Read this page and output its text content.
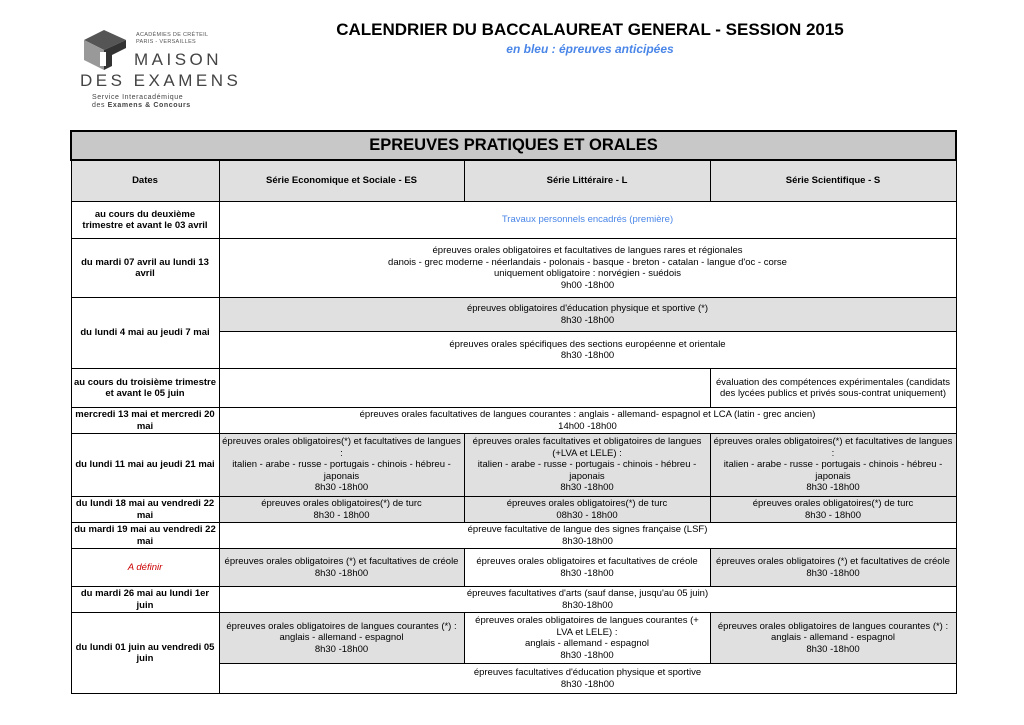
ACADÉMIES DE CRÉTEIL
PARIS - VERSAILLES
MAISON
DES EXAMENS
Service Interacadémique
des Examens & Concours
CALENDRIER DU BACCALAUREAT GENERAL - SESSION 2015
en bleu : épreuves anticipées
EPREUVES PRATIQUES ET ORALES			
Dates	Série Economique et Sociale - ES	Série Littéraire - L	Série Scientifique - S
au cours du deuxième trimestre et avant le 03 avril	Travaux personnels encadrés (première)		
du mardi 07 avril au lundi 13 avril	épreuves orales obligatoires et facultatives de langues rares et régionales
danois - grec moderne - néerlandais - polonais - basque - breton - catalan - langue d'oc - corse
uniquement obligatoire : norvégien - suédois
9h00 -18h00		
du lundi 4 mai au jeudi 7 mai	épreuves obligatoires d'éducation physique et sportive (*)
8h30 -18h00		
	épreuves orales spécifiques des sections européenne et orientale
8h30 -18h00		
au cours du troisième trimestre et avant le 05 juin			évaluation des compétences expérimentales (candidats des lycées publics et privés sous-contrat uniquement)
mercredi 13 mai et mercredi 20 mai	épreuves orales facultatives de langues courantes : anglais - allemand- espagnol et LCA (latin - grec ancien)
14h00 -18h00		
du lundi 11 mai au jeudi 21 mai	épreuves orales obligatoires(*) et facultatives de langues :
italien - arabe - russe - portugais - chinois - hébreu - japonais
8h30 -18h00	épreuves orales facultatives et obligatoires de langues (+LVA et LELE) :
italien - arabe - russe - portugais - chinois - hébreu - japonais
8h30 -18h00	épreuves orales obligatoires(*) et facultatives de langues :
italien - arabe - russe - portugais - chinois - hébreu - japonais
8h30 -18h00
du lundi 18 mai au vendredi 22 mai	épreuves orales obligatoires(*) de turc
8h30 - 18h00	épreuves orales obligatoires(*) de turc
08h30 - 18h00	épreuves orales obligatoires(*) de turc
8h30 - 18h00
du mardi 19 mai au vendredi 22 mai	épreuve facultative de langue des signes française (LSF)
8h30-18h00		
A définir	épreuves orales obligatoires (*) et facultatives de créole
8h30 -18h00	épreuves orales obligatoires et facultatives de créole
8h30 -18h00	épreuves orales obligatoires (*) et facultatives de créole
8h30 -18h00
du mardi 26 mai au lundi 1er juin	épreuves facultatives d'arts (sauf danse, jusqu'au 05 juin)
8h30-18h00		
du lundi 01 juin au vendredi 05 juin	épreuves orales obligatoires de langues courantes (*) : anglais - allemand - espagnol
8h30 -18h00	épreuves orales obligatoires de langues courantes (+ LVA et LELE) :
anglais - allemand - espagnol
8h30 -18h00	épreuves orales obligatoires de langues courantes (*) : anglais - allemand - espagnol
8h30 -18h00
	épreuves facultatives d'éducation physique et sportive
8h30 -18h00		
